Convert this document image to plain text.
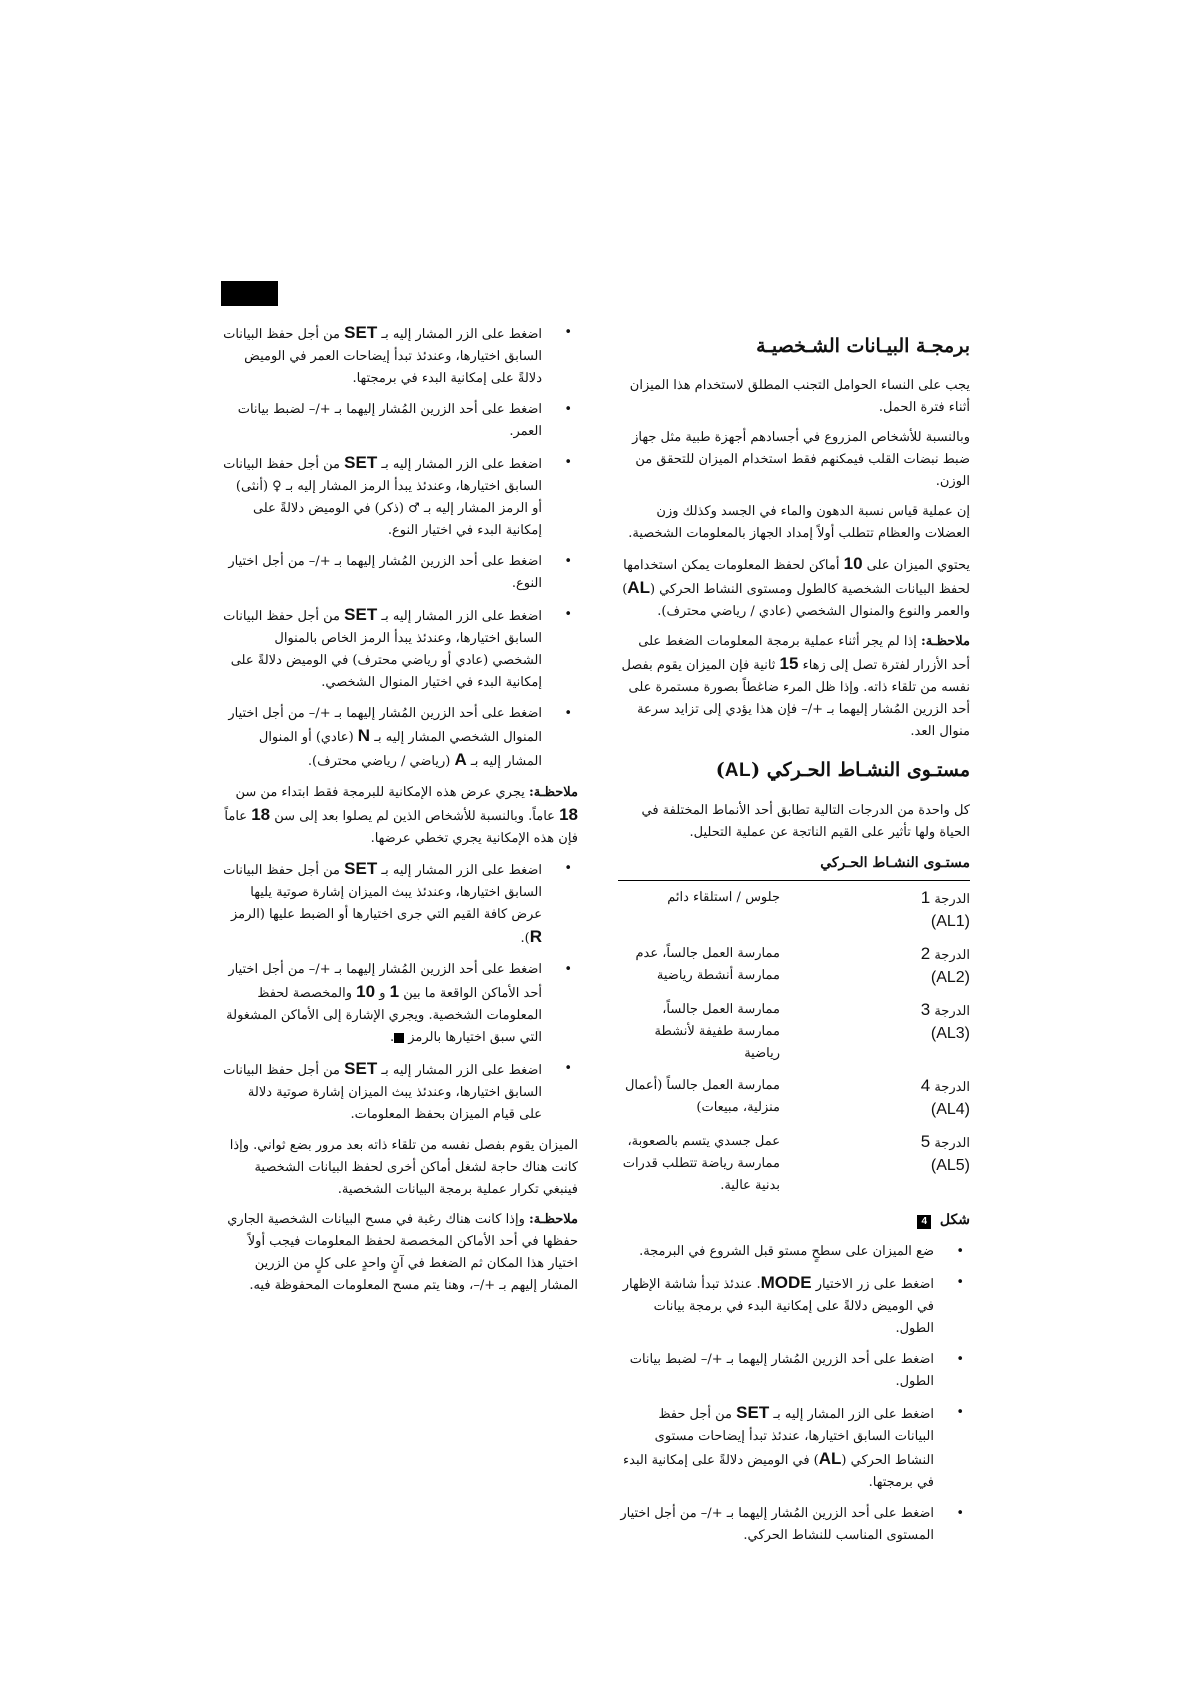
برمجـة البيـانات الشـخصيـة

يجب على النساء الحوامل التجنب المطلق لاستخدام هذا الميزان أثناء فترة الحمل.

وبالنسبة للأشخاص المزروع في أجسادهم أجهزة طبية مثل جهاز ضبط نبضات القلب فيمكنهم فقط استخدام الميزان للتحقق من الوزن.

إن عملية قياس نسبة الدهون والماء في الجسد وكذلك وزن العضلات والعظام تتطلب أولاً إمداد الجهاز بالمعلومات الشخصية.

يحتوي الميزان على 10 أماكن لحفظ المعلومات يمكن استخدامها لحفظ البيانات الشخصية كالطول ومستوى النشاط الحركي (AL) والعمر والنوع والمنوال الشخصي (عادي / رياضي محترف).

ملاحظـة: إذا لم يجر أثناء عملية برمجة المعلومات الضغط على أحد الأزرار لفترة تصل إلى زهاء 15 ثانية فإن الميزان يقوم بفصل نفسه من تلقاء ذاته. وإذا ظل المرء ضاغطاً بصورة مستمرة على أحد الزرين المُشار إليهما بـ +/– فإن هذا يؤدي إلى تزايد سرعة منوال العد.

مستـوى النشـاط الحـركي (AL)

كل واحدة من الدرجات التالية تطابق أحد الأنماط المختلفة في الحياة ولها تأثير على القيم الناتجة عن عملية التحليل.

مستـوى النشـاط الحـركي
الدرجة 1
(AL1)	جلوس / استلقاء دائم
الدرجة 2
(AL2)	ممارسة العمل جالساً، عدم ممارسة أنشطة رياضية
الدرجة 3
(AL3)	ممارسة العمل جالساً، ممارسة طفيفة لأنشطة رياضية
الدرجة 4
(AL4)	ممارسة العمل جالساً (أعمال منزلية، مبيعات)
الدرجة 5
(AL5)	عمل جسدي يتسم بالصعوبة، ممارسة رياضة تتطلب قدرات بدنية عالية.
شكل 4
• ضع الميزان على سطحٍ مستو قبل الشروع في البرمجة.
• اضغط على زر الاختيار MODE. عندئذ تبدأ شاشة الإظهار في الوميض دلالةً على إمكانية البدء في برمجة بيانات الطول.
• اضغط على أحد الزرين المُشار إليهما بـ +/– لضبط بيانات الطول.
• اضغط على الزر المشار إليه بـ SET من أجل حفظ البيانات السابق اختيارها، عندئذ تبدأ إيضاحات مستوى النشاط الحركي (AL) في الوميض دلالةً على إمكانية البدء في برمجتها.
• اضغط على أحد الزرين المُشار إليهما بـ +/– من أجل اختيار المستوى المناسب للنشاط الحركي.
• اضغط على الزر المشار إليه بـ SET من أجل حفظ البيانات السابق اختيارها، وعندئذ تبدأ إيضاحات العمر في الوميض دلالةً على إمكانية البدء في برمجتها.
• اضغط على أحد الزرين المُشار إليهما بـ +/– لضبط بيانات العمر.
• اضغط على الزر المشار إليه بـ SET من أجل حفظ البيانات السابق اختيارها، وعندئذ يبدأ الرمز المشار إليه بـ ♀ (أنثى) أو الرمز المشار إليه بـ ♂ (ذكر) في الوميض دلالةً على إمكانية البدء في اختيار النوع.
• اضغط على أحد الزرين المُشار إليهما بـ +/– من أجل اختيار النوع.
• اضغط على الزر المشار إليه بـ SET من أجل حفظ البيانات السابق اختيارها، وعندئذ يبدأ الرمز الخاص بالمنوال الشخصي (عادي أو رياضي محترف) في الوميض دلالةً على إمكانية البدء في اختيار المنوال الشخصي.
• اضغط على أحد الزرين المُشار إليهما بـ +/– من أجل اختيار المنوال الشخصي المشار إليه بـ N (عادي) أو المنوال المشار إليه بـ A (رياضي / رياضي محترف).

ملاحظـة: يجري عرض هذه الإمكانية للبرمجة فقط ابتداء من سن 18 عاماً. وبالنسبة للأشخاص الذين لم يصلوا بعد إلى سن 18 عاماً فإن هذه الإمكانية يجري تخطي عرضها.

• اضغط على الزر المشار إليه بـ SET من أجل حفظ البيانات السابق اختيارها، وعندئذ يبث الميزان إشارة صوتية يليها عرض كافة القيم التي جرى اختيارها أو الضبط عليها (الرمز R).
• اضغط على أحد الزرين المُشار إليهما بـ +/– من أجل اختيار أحد الأماكن الواقعة ما بين 1 و 10 والمخصصة لحفظ المعلومات الشخصية. ويجري الإشارة إلى الأماكن المشغولة التي سبق اختيارها بالرمز .
• اضغط على الزر المشار إليه بـ SET من أجل حفظ البيانات السابق اختيارها، وعندئذ يبث الميزان إشارة صوتية دلالة على قيام الميزان بحفظ المعلومات.

الميزان يقوم بفصل نفسه من تلقاء ذاته بعد مرور بضع ثواني. وإذا كانت هناك حاجة لشغل أماكن أخرى لحفظ البيانات الشخصية فينبغي تكرار عملية برمجة البيانات الشخصية.

ملاحظـة: وإذا كانت هناك رغبة في مسح البيانات الشخصية الجاري حفظها في أحد الأماكن المخصصة لحفظ المعلومات فيجب أولاً اختيار هذا المكان ثم الضغط في آنٍ واحدٍ على كلٍ من الزرين المشار إليهم بـ +/–، وهنا يتم مسح المعلومات المحفوظة فيه.
